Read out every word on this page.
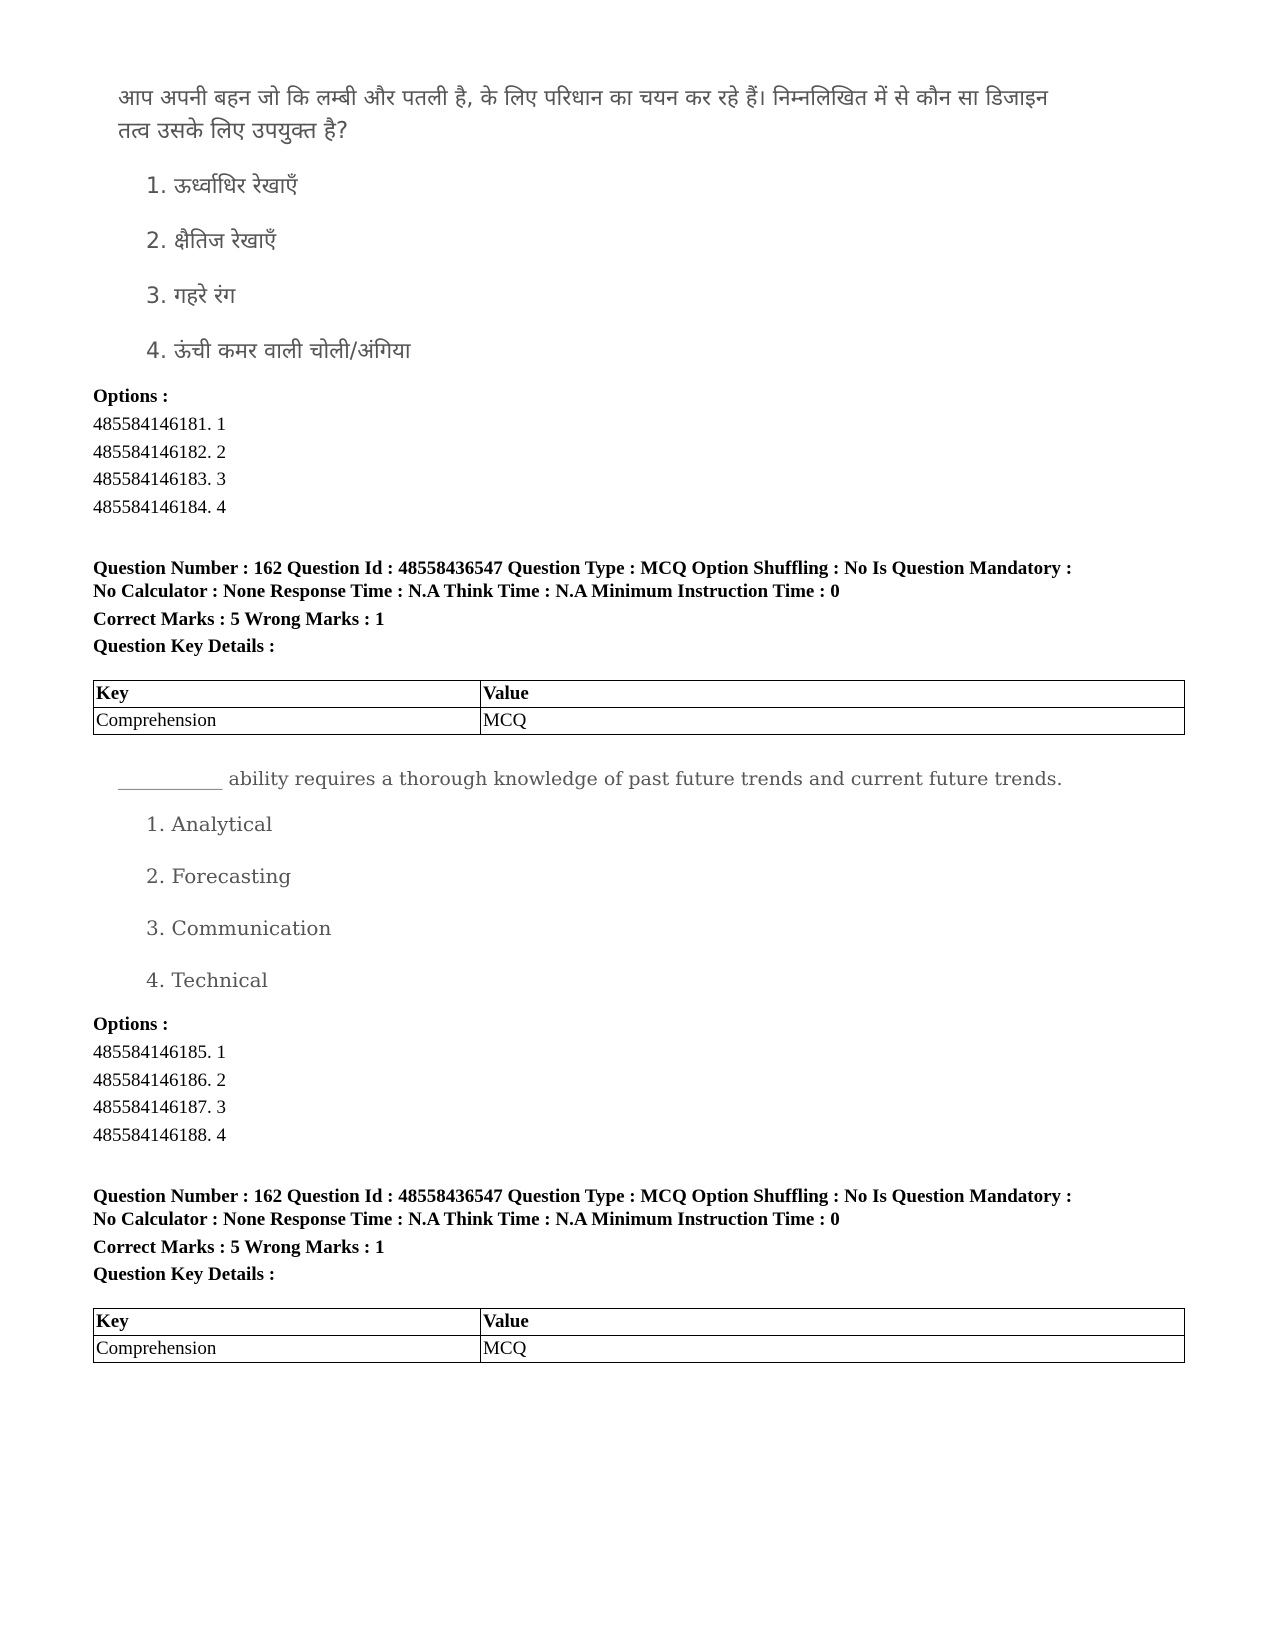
आप अपनी बहन जो कि लम्बी और पतली है, के लिए परिधान का चयन कर रहे हैं। निम्नलिखित में से कौन सा डिजाइन

तत्व उसके लिए उपयुक्त है?

1. ऊर्ध्वाधिर रेखाएँ

2. क्षैतिज रेखाएँ

3. गहरे रंग

4. ऊंची कमर वाली चोली/अंगिया

Options :
485584146181. 1
485584146182. 2
485584146183. 3
485584146184. 4
Question Number : 162 Question Id : 48558436547 Question Type : MCQ Option Shuffling : No Is Question Mandatory :
No Calculator : None Response Time : N.A Think Time : N.A Minimum Instruction Time : 0
Correct Marks : 5 Wrong Marks : 1
Question Key Details :
Key	Value
Comprehension	MCQ

___________ ability requires a thorough knowledge of past future trends and current future trends.

1. Analytical

2. Forecasting

3. Communication

4. Technical

Options :
485584146185. 1
485584146186. 2
485584146187. 3
485584146188. 4
Question Number : 162 Question Id : 48558436547 Question Type : MCQ Option Shuffling : No Is Question Mandatory :
No Calculator : None Response Time : N.A Think Time : N.A Minimum Instruction Time : 0
Correct Marks : 5 Wrong Marks : 1
Question Key Details :
Key	Value
Comprehension	MCQ
